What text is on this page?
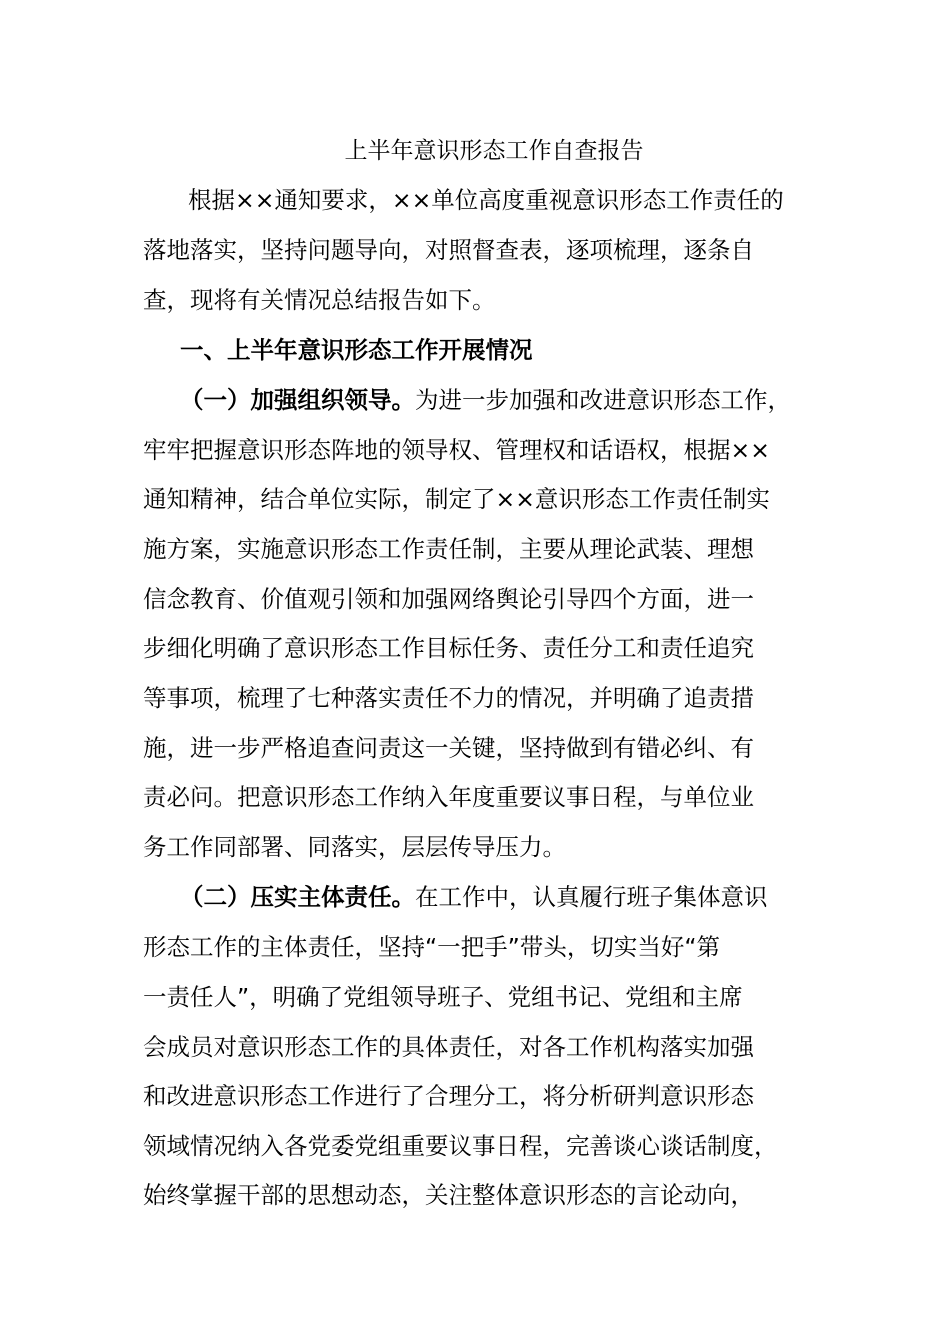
上半年意识形态工作自查报告
根据××通知要求，××单位高度重视意识形态工作责任的
落地落实，坚持问题导向，对照督查表，逐项梳理，逐条自
查，现将有关情况总结报告如下。
一、上半年意识形态工作开展情况
（一）加强组织领导。为进一步加强和改进意识形态工作，
牢牢把握意识形态阵地的领导权、管理权和话语权，根据××
通知精神，结合单位实际，制定了××意识形态工作责任制实
施方案，实施意识形态工作责任制，主要从理论武装、理想
信念教育、价值观引领和加强网络舆论引导四个方面，进一
步细化明确了意识形态工作目标任务、责任分工和责任追究
等事项，梳理了七种落实责任不力的情况，并明确了追责措
施，进一步严格追查问责这一关键，坚持做到有错必纠、有
责必问。把意识形态工作纳入年度重要议事日程，与单位业
务工作同部署、同落实，层层传导压力。
（二）压实主体责任。在工作中，认真履行班子集体意识
形态工作的主体责任，坚持“一把手”带头，切实当好“第
一责任人”，明确了党组领导班子、党组书记、党组和主席
会成员对意识形态工作的具体责任，对各工作机构落实加强
和改进意识形态工作进行了合理分工，将分析研判意识形态
领域情况纳入各党委党组重要议事日程，完善谈心谈话制度，
始终掌握干部的思想动态，关注整体意识形态的言论动向，
